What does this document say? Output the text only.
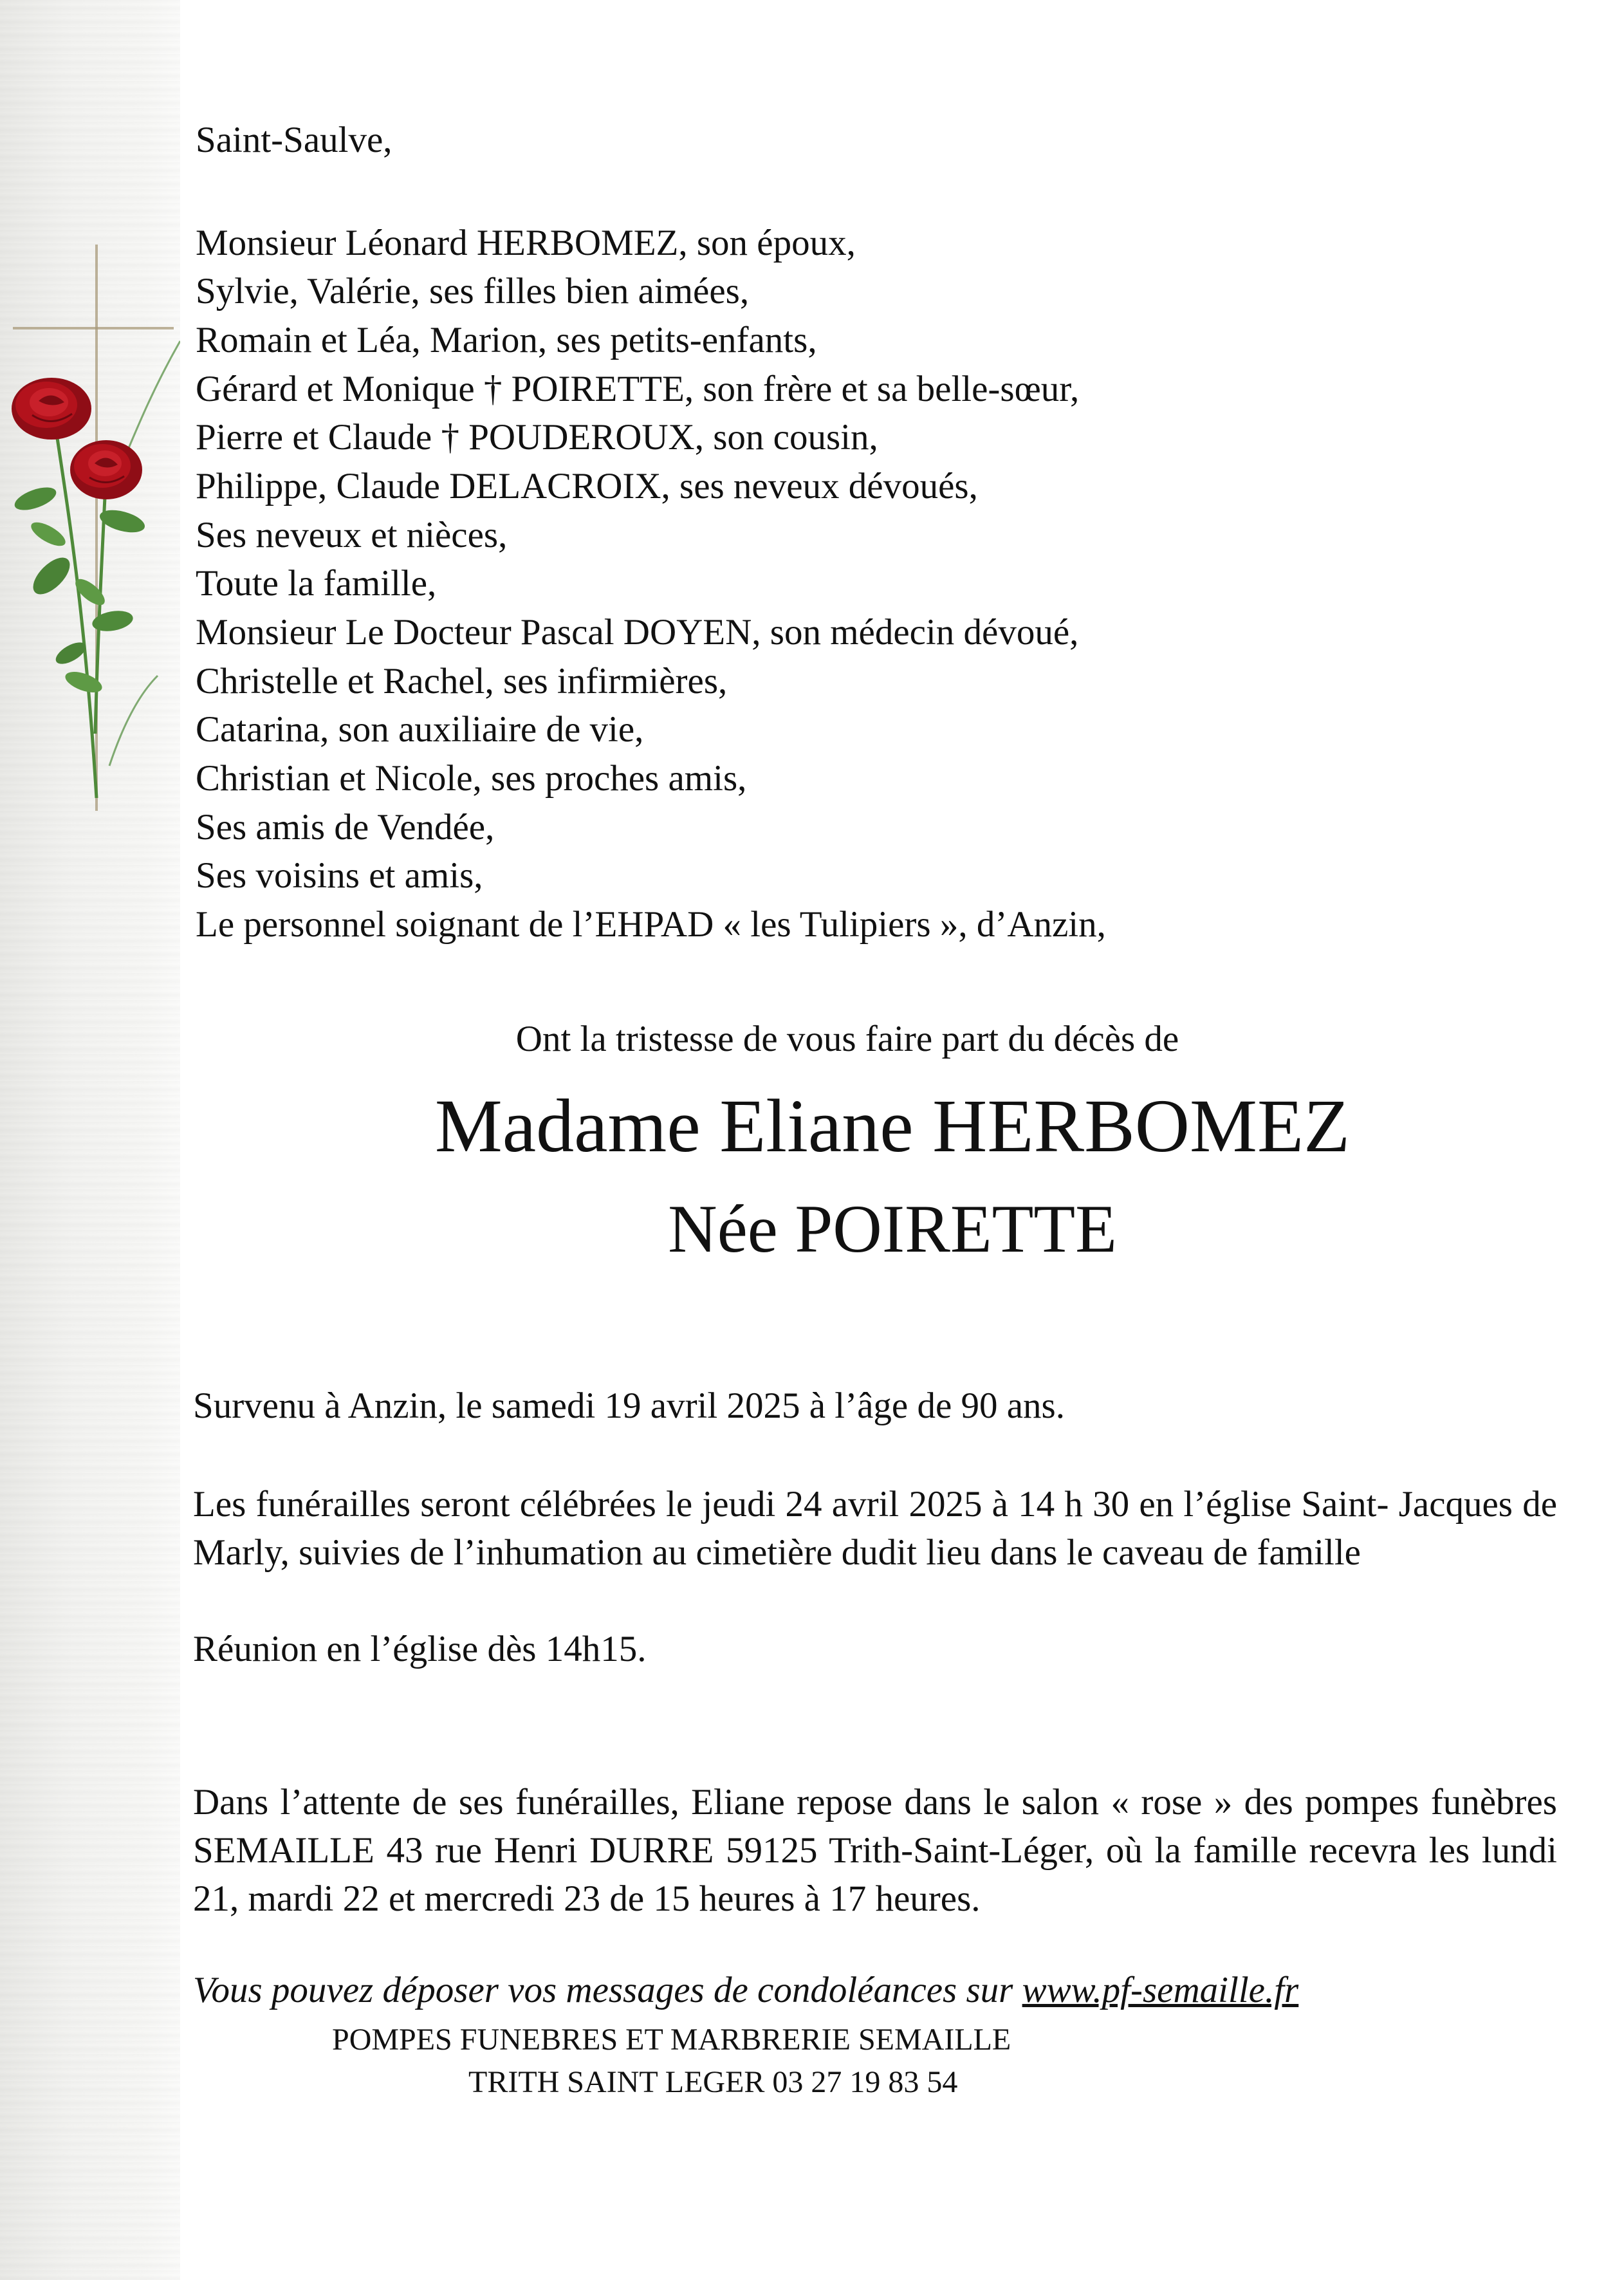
Saint-Saulve,
Monsieur Léonard HERBOMEZ, son époux,
Sylvie, Valérie, ses filles bien aimées,
Romain et Léa, Marion, ses petits-enfants,
Gérard et Monique † POIRETTE, son frère et sa belle-sœur,
Pierre et Claude † POUDEROUX, son cousin,
Philippe, Claude DELACROIX, ses neveux dévoués,
Ses neveux et nièces,
Toute la famille,
Monsieur Le Docteur Pascal DOYEN, son médecin dévoué,
Christelle et Rachel, ses infirmières,
Catarina, son auxiliaire de vie,
Christian et Nicole, ses proches amis,
Ses amis de Vendée,
Ses voisins et amis,
Le personnel soignant de l’EHPAD « les Tulipiers », d’Anzin,
Ont la tristesse de vous faire part du décès de
Madame Eliane HERBOMEZ
Née POIRETTE
Survenu à Anzin, le samedi 19 avril 2025 à l’âge de 90 ans.
Les funérailles seront célébrées le jeudi 24 avril 2025 à 14 h 30 en l’église Saint- Jacques de Marly, suivies de l’inhumation au cimetière dudit lieu dans le caveau de famille
Réunion en l’église dès 14h15.
Dans l’attente de ses funérailles, Eliane repose dans le salon « rose » des pompes funèbres SEMAILLE 43 rue Henri DURRE 59125 Trith-Saint-Léger, où la famille recevra les lundi 21, mardi 22 et mercredi 23 de 15 heures à 17 heures.
Vous pouvez déposer vos messages de condoléances sur www.pf-semaille.fr
POMPES FUNEBRES ET MARBRERIE SEMAILLE
TRITH SAINT LEGER 03 27 19 83 54
